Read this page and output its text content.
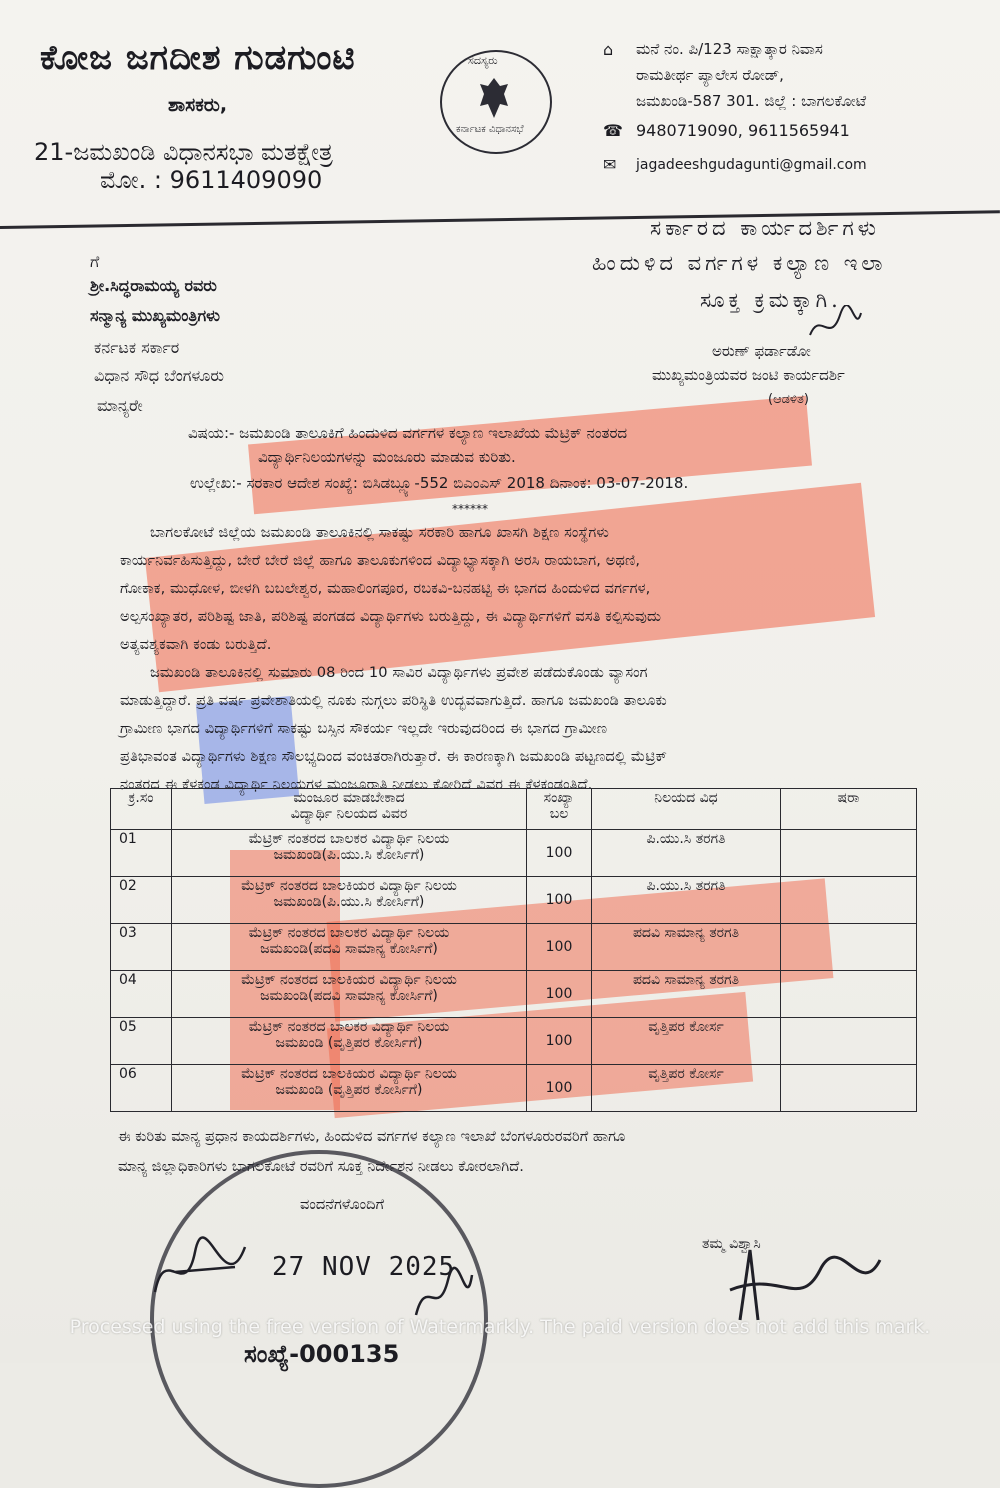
ಕೋಜ ಜಗದೀಶ ಗುಡಗುಂಟಿ
ಶಾಸಕರು,
21-ಜಮಖಂಡಿ ವಿಧಾನಸಭಾ ಮತಕ್ಷೇತ್ರ
ಮೋ. : 9611409090
ಸದಸ್ಯರು
ಕರ್ನಾಟಕ ವಿಧಾನಸಭೆ
⌂ ಮನೆ ನಂ. ಪಿ/123 ಸಾಕ್ಷಾತ್ಕಾರ ನಿವಾಸ
ರಾಮತೀರ್ಥ ಪ್ಯಾಲೇಸ ರೋಡ್,
ಜಮಖಂಡಿ-587 301. ಜಿಲ್ಲೆ : ಬಾಗಲಕೋಟೆ
☎ 9480719090, 9611565941
✉ jagadeeshgudagunti@gmail.com
ಸರ್ಕಾರದ ಕಾರ್ಯದರ್ಶಿಗಳು
ಹಿಂದುಳಿದ ವರ್ಗಗಳ ಕಲ್ಯಾಣ ಇಲಾ
ಸೂಕ್ತ ಕ್ರಮಕ್ಕಾಗಿ.
ಅರುಣ್ ಫರ್ಡಾಡೋ
ಮುಖ್ಯಮಂತ್ರಿಯವರ ಜಂಟಿ ಕಾರ್ಯದರ್ಶಿ
(ಆಡಳಿತ)
ಗೆ
ಶ್ರೀ.ಸಿದ್ಧರಾಮಯ್ಯ ರವರು
ಸನ್ಮಾನ್ಯ ಮುಖ್ಯಮಂತ್ರಿಗಳು
ಕರ್ನಟಕ ಸರ್ಕಾರ
ವಿಧಾನ ಸೌಧ ಬೆಂಗಳೂರು
ಮಾನ್ಯರೇ
ವಿಷಯ:- ಜಮಖಂಡಿ ತಾಲೂಕಿಗೆ ಹಿಂದುಳಿದ ವರ್ಗಗಳ ಕಲ್ಯಾಣ ಇಲಾಖೆಯ ಮೆಟ್ರಿಕ್ ನಂತರದ
ವಿದ್ಯಾರ್ಥಿನಿಲಯಗಳನ್ನು ಮಂಜೂರು ಮಾಡುವ ಕುರಿತು.
ಉಲ್ಲೇಖ:- ಸರಕಾರ ಆದೇಶ ಸಂಖ್ಯೆ: ಬಿಸಿಡಬ್ಲ್ಯೂ-552 ಬಿಎಂಎಸ್ 2018 ದಿನಾಂಕ: 03-07-2018.
******
ಬಾಗಲಕೋಟೆ ಜಿಲ್ಲೆಯ ಜಮಖಂಡಿ ತಾಲೂಕಿನಲ್ಲಿ ಸಾಕಷ್ಟು ಸರಕಾರಿ ಹಾಗೂ ಖಾಸಗಿ ಶಿಕ್ಷಣ ಸಂಸ್ಥೆಗಳು
ಕಾರ್ಯನಿರ್ವಹಿಸುತ್ತಿದ್ದು, ಬೇರೆ ಬೇರೆ ಜಿಲ್ಲೆ ಹಾಗೂ ತಾಲೂಕುಗಳಿಂದ ವಿದ್ಯಾಭ್ಯಾಸಕ್ಕಾಗಿ ಅರಸಿ ರಾಯಬಾಗ, ಅಥಣಿ,
ಗೋಕಾಕ, ಮುಧೋಳ, ಬೀಳಗಿ ಬಬಲೇಶ್ವರ, ಮಹಾಲಿಂಗಪೂರ, ರಬಕವಿ-ಬನಹಟ್ಟಿ ಈ ಭಾಗದ ಹಿಂದುಳಿದ ವರ್ಗಗಳ,
ಅಲ್ಪಸಂಖ್ಯಾತರ, ಪರಿಶಿಷ್ಟ ಜಾತಿ, ಪರಿಶಿಷ್ಟ ಪಂಗಡದ ವಿದ್ಯಾರ್ಥಿಗಳು ಬರುತ್ತಿದ್ದು, ಈ ವಿದ್ಯಾರ್ಥಿಗಳಿಗೆ ವಸತಿ ಕಲ್ಪಿಸುವುದು
ಅತ್ಯವಶ್ಯಕವಾಗಿ ಕಂಡು ಬರುತ್ತಿದೆ.
ಜಮಖಂಡಿ ತಾಲೂಕಿನಲ್ಲಿ ಸುಮಾರು 08 ರಿಂದ 10 ಸಾವಿರ ವಿದ್ಯಾರ್ಥಿಗಳು ಪ್ರವೇಶ ಪಡೆದುಕೊಂಡು ವ್ಯಾಸಂಗ
ಮಾಡುತ್ತಿದ್ದಾರೆ. ಪ್ರತಿ ವರ್ಷ ಪ್ರವೇಶಾತಿಯಲ್ಲಿ ನೂಕು ನುಗ್ಗಲು ಪರಿಸ್ಥಿತಿ ಉದ್ಭವವಾಗುತ್ತಿದೆ. ಹಾಗೂ ಜಮಖಂಡಿ ತಾಲೂಕು
ಗ್ರಾಮೀಣ ಭಾಗದ ವಿದ್ಯಾರ್ಥಿಗಳಿಗೆ ಸಾಕಷ್ಟು ಬಸ್ಸಿನ ಸೌಕರ್ಯ ಇಲ್ಲದೇ ಇರುವುದರಿಂದ ಈ ಭಾಗದ ಗ್ರಾಮೀಣ
ಪ್ರತಿಭಾವಂತ ವಿದ್ಯಾರ್ಥಿಗಳು ಶಿಕ್ಷಣ ಸೌಲಭ್ಯದಿಂದ ವಂಚಿತರಾಗಿರುತ್ತಾರೆ. ಈ ಕಾರಣಕ್ಕಾಗಿ ಜಮಖಂಡಿ ಪಟ್ಟಣದಲ್ಲಿ ಮೆಟ್ರಿಕ್
ನಂತರದ ಈ ಕೆಳಕಂಡ ವಿದ್ಯಾರ್ಥಿ ನಿಲಯಗಳ ಮಂಜೂರಾತಿ ನೀಡಲು ಕೋರಿದೆ ವಿವರ ಈ ಕೆಳಕಂಡಂತಿದೆ.
ಕ್ರ.ಸಂ	ಮಂಜೂರ ಮಾಡಬೇಕಾದ
ವಿದ್ಯಾರ್ಥಿ ನಿಲಯದ ವಿವರ	ಸಂಖ್ಯಾ
ಬಲ	ನಿಲಯದ ವಿಧ	ಷರಾ
01	ಮೆಟ್ರಿಕ್ ನಂತರದ ಬಾಲಕರ ವಿದ್ಯಾರ್ಥಿ ನಿಲಯ
ಜಮಖಂಡಿ(ಪಿ.ಯು.ಸಿ ಕೋರ್ಸಿಗೆ)	100	ಪಿ.ಯು.ಸಿ ತರಗತಿ	
02	ಮೆಟ್ರಿಕ್ ನಂತರದ ಬಾಲಕಿಯರ ವಿದ್ಯಾರ್ಥಿ ನಿಲಯ
ಜಮಖಂಡಿ(ಪಿ.ಯು.ಸಿ ಕೋರ್ಸಿಗೆ)	100	ಪಿ.ಯು.ಸಿ ತರಗತಿ	
03	ಮೆಟ್ರಿಕ್ ನಂತರದ ಬಾಲಕರ ವಿದ್ಯಾರ್ಥಿ ನಿಲಯ
ಜಮಖಂಡಿ(ಪದವಿ ಸಾಮಾನ್ಯ ಕೋರ್ಸಿಗೆ)	100	ಪದವಿ ಸಾಮಾನ್ಯ ತರಗತಿ	
04	ಮೆಟ್ರಿಕ್ ನಂತರದ ಬಾಲಕಿಯರ ವಿದ್ಯಾರ್ಥಿ ನಿಲಯ
ಜಮಖಂಡಿ(ಪದವಿ ಸಾಮಾನ್ಯ ಕೋರ್ಸಿಗೆ)	100	ಪದವಿ ಸಾಮಾನ್ಯ ತರಗತಿ	
05	ಮೆಟ್ರಿಕ್ ನಂತರದ ಬಾಲಕರ ವಿದ್ಯಾರ್ಥಿ ನಿಲಯ
ಜಮಖಂಡಿ (ವೃತ್ತಿಪರ ಕೋರ್ಸಿಗೆ)	100	ವೃತ್ತಿಪರ ಕೋರ್ಸ	
06	ಮೆಟ್ರಿಕ್ ನಂತರದ ಬಾಲಕಿಯರ ವಿದ್ಯಾರ್ಥಿ ನಿಲಯ
ಜಮಖಂಡಿ (ವೃತ್ತಿಪರ ಕೋರ್ಸಿಗೆ)	100	ವೃತ್ತಿಪರ ಕೋರ್ಸ	
ಈ ಕುರಿತು ಮಾನ್ಯ ಪ್ರಧಾನ ಕಾಯದರ್ಶಿಗಳು, ಹಿಂದುಳಿದ ವರ್ಗಗಳ ಕಲ್ಯಾಣ ಇಲಾಖೆ ಬೆಂಗಳೂರುರವರಿಗೆ ಹಾಗೂ
ಮಾನ್ಯ ಜಿಲ್ಲಾಧಿಕಾರಿಗಳು ಬಾಗಲಕೋಟೆ ರವರಿಗೆ ಸೂಕ್ತ ನಿರ್ದೇಶನ ನೀಡಲು ಕೋರಲಾಗಿದೆ.
ವಂದನೆಗಳೊಂದಿಗೆ
ತಮ್ಮ ವಿಶ್ವಾಸಿ
27 NOV 2025
ಸಂಖ್ಯೆ-000135
Processed using the free version of Watermarkly. The paid version does not add this mark.
